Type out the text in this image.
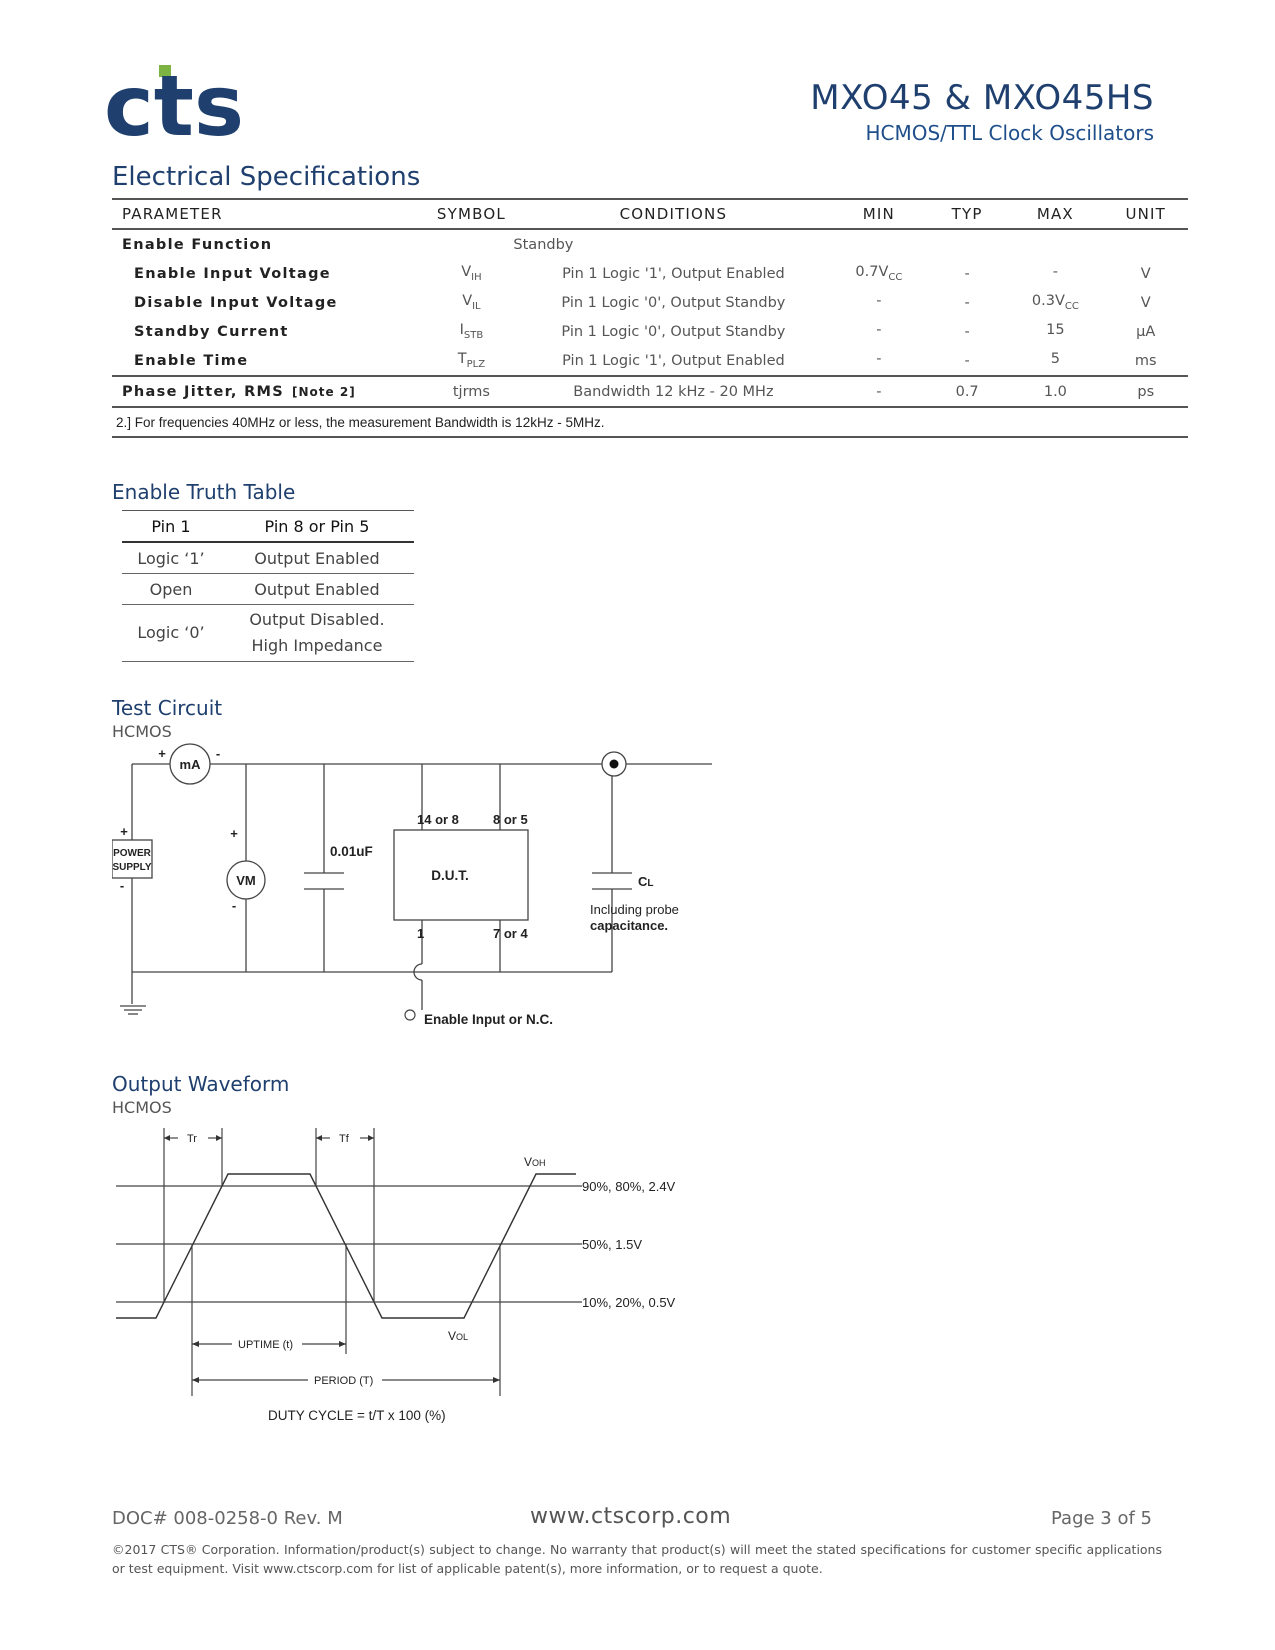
cts	MXO45 & MXO45HS
HCMOS/TTL Clock Oscillators
Electrical Specifications
PARAMETER	SYMBOL	CONDITIONS	MIN	TYP	MAX	UNIT
Enable Function		Standby				
Enable Input Voltage	$V_{IH}$	Pin 1 Logic '1', Output Enabled	$0.7V_{CC}$	-	-	V
Disable Input Voltage	$V_{IL}$	Pin 1 Logic '0', Output Standby	-	-	$0.3V_{CC}$	V
Standby Current	$I_{STB}$	Pin 1 Logic '0', Output Standby	-	-	15	µA
Enable Time	$T_{PLZ}$	Pin 1 Logic '1', Output Enabled	-	-	5	ms
Phase Jitter, RMS [Note 2]	tjrms	Bandwidth 12 kHz - 20 MHz	-	0.7	1.0	ps
2.] For frequencies 40MHz or less, the measurement Bandwidth is 12kHz - 5MHz.						
Enable Truth Table
Pin 1	Pin 8 or Pin 5
Logic ‘1’	Output Enabled
Open	Output Enabled
Logic ‘0’	Output Disabled.
High Impedance
Test Circuit
HCMOS
mA
+	-
POWER
SUPPLY
+
-	VM
+
-
0.01uF
D.U.T.
14 or 8	8 or 5
1	7 or 4
CL
Including probe
capacitance.
Enable Input or N.C.
Output Waveform
HCMOS
Tr	Tf
VOH
VOL
90%, 80%, 2.4V
50%, 1.5V
10%, 20%, 0.5V
UPTIME (t)
PERIOD (T)
DUTY CYCLE = t/T x 100 (%)
DOC# 008-0258-0 Rev. M	www.ctscorp.com	Page 3 of 5
©2017 CTS® Corporation. Information/product(s) subject to change. No warranty that product(s) will meet the stated specifications for customer specific applications or test equipment. Visit www.ctscorp.com for list of applicable patent(s), more information, or to request a quote.
